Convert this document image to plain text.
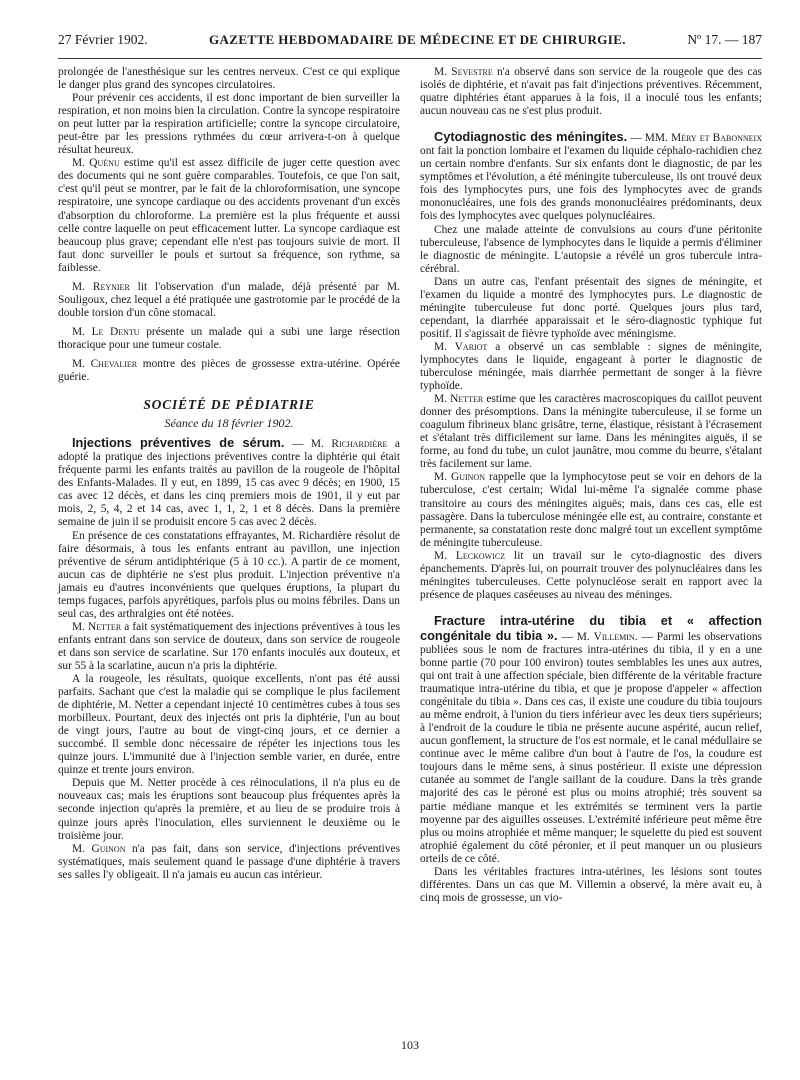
27 Février 1902.	GAZETTE HEBDOMADAIRE DE MÉDECINE ET DE CHIRURGIE.	Nº 17. — 187

prolongée de l'anesthésique sur les centres nerveux. C'est ce qui explique le danger plus grand des syncopes circulatoires.

Pour prévenir ces accidents, il est donc important de bien surveiller la respiration, et non moins bien la circulation. Contre la syncope respiratoire on peut lutter par la respiration artificielle; contre la syncope circulatoire, peut-être par les pressions rythmées du cœur arrivera-t-on à quelque résultat heureux.

M. Quénu estime qu'il est assez difficile de juger cette question avec des documents qui ne sont guère comparables. Toutefois, ce que l'on sait, c'est qu'il peut se montrer, par le fait de la chloroformisation, une syncope respiratoire, une syncope cardiaque ou des accidents provenant d'un excès d'absorption du chloroforme. La première est la plus fréquente et aussi celle contre laquelle on peut efficacement lutter. La syncope cardiaque est beaucoup plus grave; cependant elle n'est pas toujours suivie de mort. Il faut donc surveiller le pouls et surtout sa fréquence, son rythme, sa faiblesse.

M. Reynier lit l'observation d'un malade, déjà présenté par M. Souligoux, chez lequel a été pratiquée une gastrotomie par le procédé de la double torsion d'un cône stomacal.

M. Le Dentu présente un malade qui a subi une large résection thoracique pour une tumeur costale.

M. Chevalier montre des pièces de grossesse extra-utérine. Opérée guérie.

SOCIÉTÉ DE PÉDIATRIE
Séance du 18 février 1902.

Injections préventives de sérum. — M. Richardière a adopté la pratique des injections préventives contre la diphtérie qui était fréquente parmi les enfants traités au pavillon de la rougeole de l'hôpital des Enfants-Malades. Il y eut, en 1899, 15 cas avec 9 décès; en 1900, 15 cas avec 12 décès, et dans les cinq premiers mois de 1901, il y eut par mois, 2, 5, 4, 2 et 14 cas, avec 1, 1, 2, 1 et 8 décès. Dans la première semaine de juin il se produisit encore 5 cas avec 2 décès.

En présence de ces constatations effrayantes, M. Richardière résolut de faire désormais, à tous les enfants entrant au pavillon, une injection préventive de sérum antidiphtérique (5 à 10 cc.). A partir de ce moment, aucun cas de diphtérie ne s'est plus produit. L'injection préventive n'a jamais eu d'autres inconvénients que quelques éruptions, la plupart du temps fugaces, parfois apyrétiques, parfois plus ou moins fébriles. Dans un seul cas, des arthralgies ont été notées.

M. Netter a fait systématiquement des injections préventives à tous les enfants entrant dans son service de douteux, dans son service de rougeole et dans son service de scarlatine. Sur 170 enfants inoculés aux douteux, et sur 55 à la scarlatine, aucun n'a pris la diphtérie.

A la rougeole, les résultats, quoique excellents, n'ont pas été aussi parfaits. Sachant que c'est la maladie qui se complique le plus facilement de diphtérie, M. Netter a cependant injecté 10 centimètres cubes à tous ses morbilleux. Pourtant, deux des injectés ont pris la diphtérie, l'un au bout de vingt jours, l'autre au bout de vingt-cinq jours, et ce dernier a succombé. Il semble donc nécessaire de répéter les injections tous les quinze jours. L'immunité due à l'injection semble varier, en durée, entre quinze et trente jours environ.

Depuis que M. Netter procède à ces réinoculations, il n'a plus eu de nouveaux cas; mais les éruptions sont beaucoup plus fréquentes après la seconde injection qu'après la première, et au lieu de se produire trois à quinze jours après l'inoculation, elles surviennent le deuxième ou le troisième jour.

M. Guinon n'a pas fait, dans son service, d'injections préventives systématiques, mais seulement quand le passage d'une diphtérie à travers ses salles l'y obligeait. Il n'a jamais eu aucun cas intérieur.

M. Sevestre n'a observé dans son service de la rougeole que des cas isolés de diphtérie, et n'avait pas fait d'injections préventives. Récemment, quatre diphtéries étant apparues à la fois, il a inoculé tous les enfants; aucun nouveau cas ne s'est plus produit.

Cytodiagnostic des méningites. — MM. Méry et Babonneix ont fait la ponction lombaire et l'examen du liquide céphalo-rachidien chez un certain nombre d'enfants. Sur six enfants dont le diagnostic, de par les symptômes et l'évolution, a été méningite tuberculeuse, ils ont trouvé deux fois des lymphocytes purs, une fois des lymphocytes avec de grands mononucléaires, une fois des grands mononucléaires prédominants, deux fois des lymphocytes avec quelques polynucléaires.

Chez une malade atteinte de convulsions au cours d'une péritonite tuberculeuse, l'absence de lymphocytes dans le liquide a permis d'éliminer le diagnostic de méningite. L'autopsie a révélé un gros tubercule intra-cérébral.

Dans un autre cas, l'enfant présentait des signes de méningite, et l'examen du liquide a montré des lymphocytes purs. Le diagnostic de méningite tuberculeuse fut donc porté. Quelques jours plus tard, cependant, la diarrhée apparaissait et le séro-diagnostic typhique fut positif. Il s'agissait de fièvre typhoïde avec méningisme.

M. Variot a observé un cas semblable : signes de méningite, lymphocytes dans le liquide, engageant à porter le diagnostic de tuberculose méningée, mais diarrhée permettant de songer à la fièvre typhoïde.

M. Netter estime que les caractères macroscopiques du caillot peuvent donner des présomptions. Dans la méningite tuberculeuse, il se forme un coagulum fibrineux blanc grisâtre, terne, élastique, résistant à l'écrasement et s'étalant très difficilement sur lame. Dans les méningites aiguës, il se forme, au fond du tube, un culot jaunâtre, mou comme du beurre, s'étalant très facilement sur lame.

M. Guinon rappelle que la lymphocytose peut se voir en dehors de la tuberculose, c'est certain; Widal lui-même l'a signalée comme phase transitoire au cours des méningites aiguës; mais, dans ces cas, elle est passagère. Dans la tuberculose méningée elle est, au contraire, constante et permanente, sa constatation reste donc malgré tout un excellent symptôme de méningite tuberculeuse.

M. Leckowicz lit un travail sur le cyto-diagnostic des divers épanchements. D'après lui, on pourrait trouver des polynucléaires dans les méningites tuberculeuses. Cette polynucléose serait en rapport avec la présence de plaques caséeuses au niveau des méninges.

Fracture intra-utérine du tibia et « affection congénitale du tibia ». — M. Villemin. — Parmi les observations publiées sous le nom de fractures intra-utérines du tibia, il y en a une bonne partie (70 pour 100 environ) toutes semblables les unes aux autres, qui ont trait à une affection spéciale, bien différente de la véritable fracture traumatique intra-utérine du tibia, et que je propose d'appeler « affection congénitale du tibia ». Dans ces cas, il existe une coudure du tibia toujours au même endroit, à l'union du tiers inférieur avec les deux tiers supérieurs; à l'endroit de la coudure le tibia ne présente aucune aspérité, aucun relief, aucun gonflement, la structure de l'os est normale, et le canal médullaire se continue avec le même calibre d'un bout à l'autre de l'os, la coudure est toujours dans le même sens, à sinus postérieur. Il existe une dépression cutanée au sommet de l'angle saillant de la coudure. Dans la très grande majorité des cas le péroné est plus ou moins atrophié; très souvent sa partie médiane manque et les extrémités se terminent vers la partie moyenne par des aiguilles osseuses. L'extrémité inférieure peut même être plus ou moins atrophiée et même manquer; le squelette du pied est souvent atrophié également du côté péronier, et il peut manquer un ou plusieurs orteils de ce côté.

Dans les véritables fractures intra-utérines, les lésions sont toutes différentes. Dans un cas que M. Villemin a observé, la mère avait eu, à cinq mois de grossesse, un vio-

103
